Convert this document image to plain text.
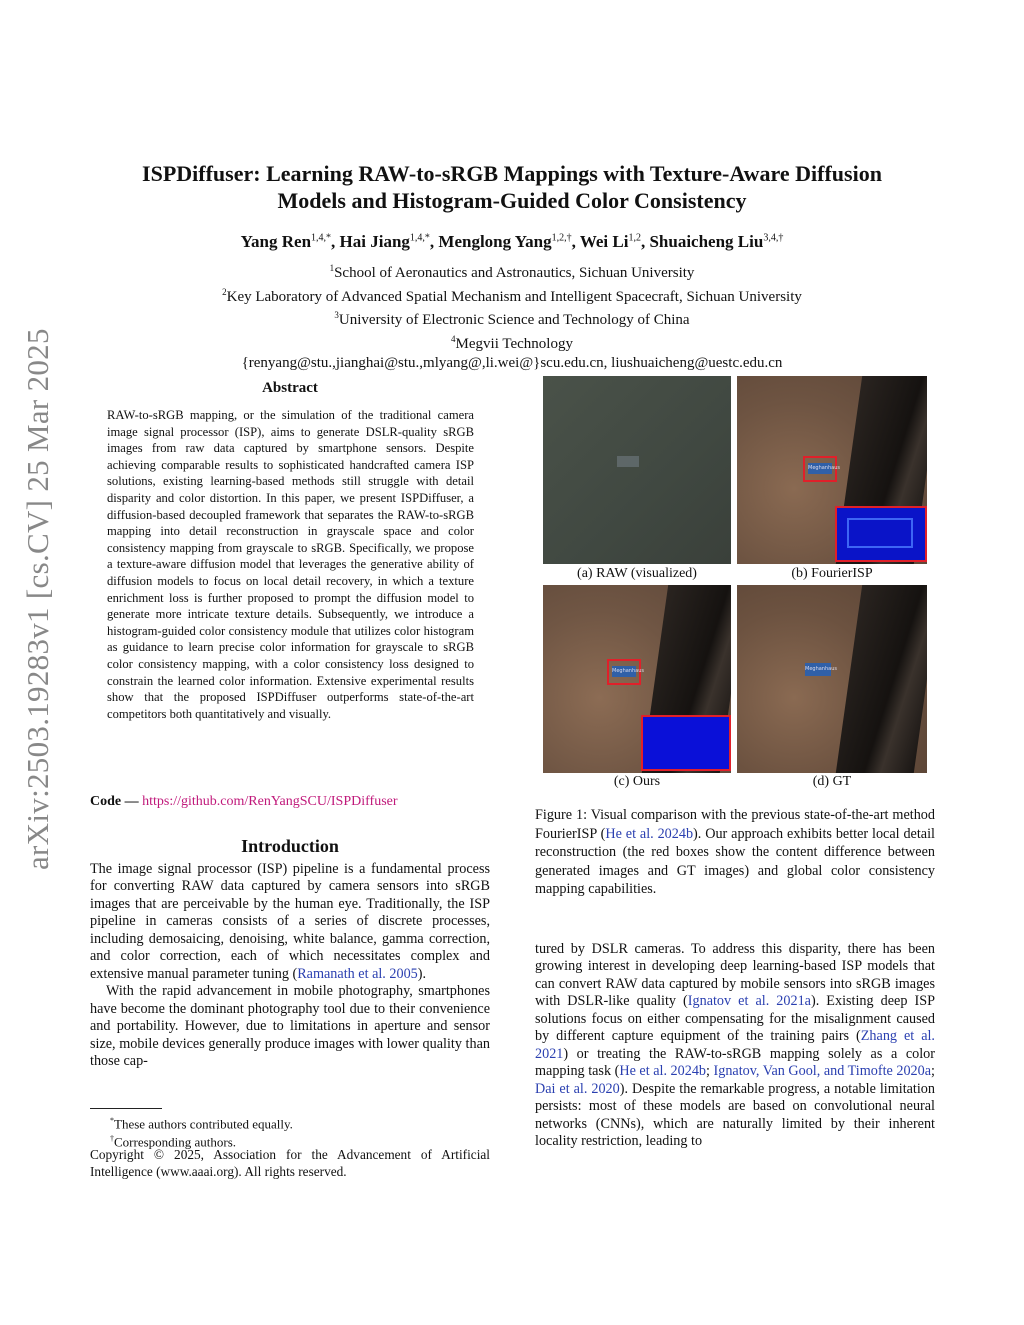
arXiv:2503.19283v1 [cs.CV] 25 Mar 2025
ISPDiffuser: Learning RAW-to-sRGB Mappings with Texture-Aware Diffusion
Models and Histogram-Guided Color Consistency
Yang Ren$^{1,4,*}$, Hai Jiang$^{1,4,*}$, Menglong Yang$^{1,2,\dagger}$, Wei Li$^{1,2}$, Shuaicheng Liu$^{3,4,\dagger}$
$^1$School of Aeronautics and Astronautics, Sichuan University
$^2$Key Laboratory of Advanced Spatial Mechanism and Intelligent Spacecraft, Sichuan University
$^3$University of Electronic Science and Technology of China
$^4$Megvii Technology
{renyang@stu.,jianghai@stu.,mlyang@,li.wei@}scu.edu.cn, liushuaicheng@uestc.edu.cn
Abstract
RAW-to-sRGB mapping, or the simulation of the traditional camera image signal processor (ISP), aims to generate DSLR-quality sRGB images from raw data captured by smartphone sensors. Despite achieving comparable results to sophisticated handcrafted camera ISP solutions, existing learning-based methods still struggle with detail disparity and color distortion. In this paper, we present ISPDiffuser, a diffusion-based decoupled framework that separates the RAW-to-sRGB mapping into detail reconstruction in grayscale space and color consistency mapping from grayscale to sRGB. Specifically, we propose a texture-aware diffusion model that leverages the generative ability of diffusion models to focus on local detail recovery, in which a texture enrichment loss is further proposed to prompt the diffusion model to generate more intricate texture details. Subsequently, we introduce a histogram-guided color consistency module that utilizes color histogram as guidance to learn precise color information for grayscale to sRGB color consistency mapping, with a color consistency loss designed to constrain the learned color information. Extensive experimental results show that the proposed ISPDiffuser outperforms state-of-the-art competitors both quantitatively and visually.
Code — https://github.com/RenYangSCU/ISPDiffuser
Introduction

The image signal processor (ISP) pipeline is a fundamental process for converting RAW data captured by camera sensors into sRGB images that are perceivable by the human eye. Traditionally, the ISP pipeline in cameras consists of a series of discrete processes, including demosaicing, denoising, white balance, gamma correction, and color correction, each of which necessitates complex and extensive manual parameter tuning (Ramanath et al. 2005).

With the rapid advancement in mobile photography, smartphones have become the dominant photography tool due to their convenience and portability. However, due to limitations in aperture and sensor size, mobile devices generally produce images with lower quality than those cap-

*These authors contributed equally.
†Corresponding authors.
Copyright © 2025, Association for the Advancement of Artificial Intelligence (www.aaai.org). All rights reserved.
(a) RAW (visualized)
Meghanhaus
(b) FourierISP
Meghanhaus
(c) Ours
Meghanhaus
(d) GT
Figure 1: Visual comparison with the previous state-of-the-art method FourierISP (He et al. 2024b). Our approach exhibits better local detail reconstruction (the red boxes show the content difference between generated images and GT images) and global color consistency mapping capabilities.

tured by DSLR cameras. To address this disparity, there has been growing interest in developing deep learning-based ISP models that can convert RAW data captured by mobile sensors into sRGB images with DSLR-like quality (Ignatov et al. 2021a). Existing deep ISP solutions focus on either compensating for the misalignment caused by different capture equipment of the training pairs (Zhang et al. 2021) or treating the RAW-to-sRGB mapping solely as a color mapping task (He et al. 2024b; Ignatov, Van Gool, and Timofte 2020a; Dai et al. 2020). Despite the remarkable progress, a notable limitation persists: most of these models are based on convolutional neural networks (CNNs), which are naturally limited by their inherent locality restriction, leading to
